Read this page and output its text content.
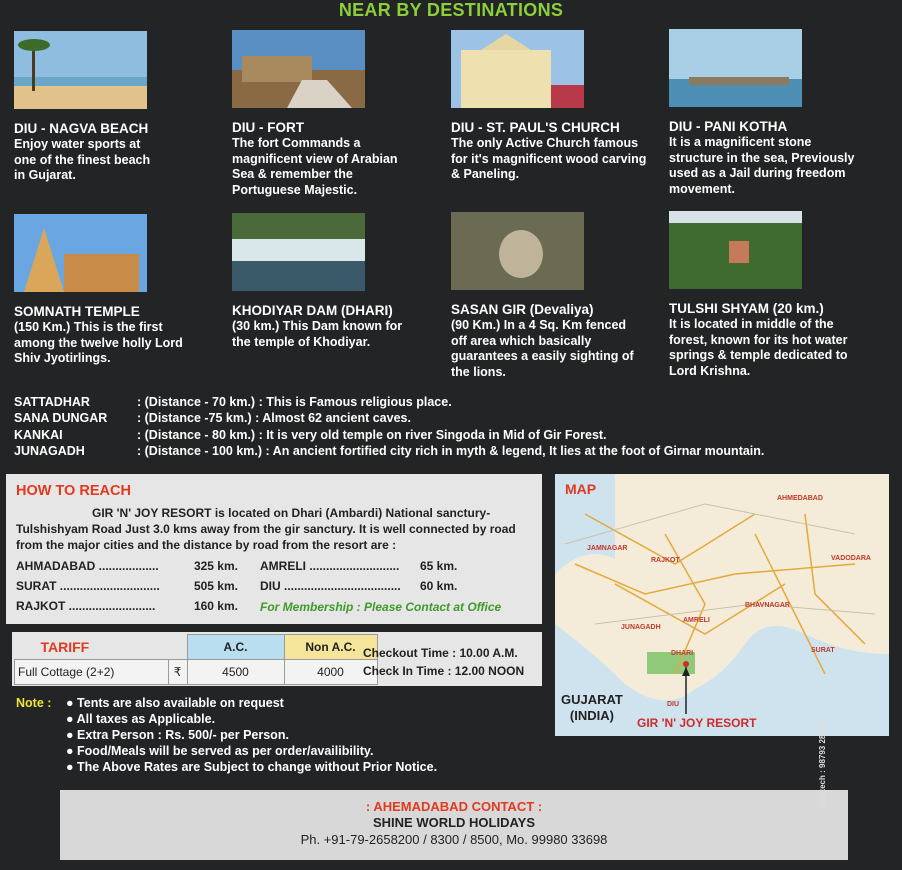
NEAR BY DESTINATIONS
DIU - NAGVA BEACH
Enjoy water sports at one of the finest beach in Gujarat.
DIU - FORT
The fort Commands a magnificent view of Arabian Sea & remember the Portuguese Majestic.
DIU - ST. PAUL'S CHURCH
The only Active Church famous for it's magnificent wood carving & Paneling.
DIU - PANI KOTHA
It is a magnificent stone structure in the sea, Previously used as a Jail during freedom movement.
SOMNATH TEMPLE
(150 Km.) This is the first among the twelve holly Lord Shiv Jyotirlings.
KHODIYAR DAM (DHARI)
(30 km.) This Dam known for the temple of Khodiyar.
SASAN GIR (Devaliya)
(90 Km.) In a 4 Sq. Km fenced off area which basically guarantees a easily sighting of the lions.
TULSHI SHYAM (20 km.)
It is located in middle of the forest, known for its hot water springs & temple dedicated to Lord Krishna.
SATTADHAR	: (Distance - 70 km.) : This is Famous religious place.
SANA DUNGAR : (Distance -75 km.) : Almost 62 ancient caves.
KANKAI	: (Distance - 80 km.) : It is very old temple on river Singoda in Mid of Gir Forest.
JUNAGADH	: (Distance - 100 km.) : An ancient fortified city rich in myth & legend, It lies at the foot of Girnar mountain.
HOW TO REACH
GIR 'N' JOY RESORT is located on Dhari (Ambardi) National sanctury-Tulshishyam Road Just 3.0 kms away from the gir sanctury. It is well connected by road from the major cities and the distance by road from the resort are :
AHMADABAD ..................	325 km. AMRELI ........................... 65 km.
SURAT ..............................	505 km. DIU ................................... 60 km.
RAJKOT ..........................	160 km. For Membership : Please Contact at Office
TARIFF		A.C.	Non A.C.
Full Cottage (2+2)	₹	4500	4000
Checkout Time : 10.00 A.M.
Check In Time : 12.00 NOON
Note : ● Tents are also available on request
● All taxes as Applicable.
● Extra Person : Rs. 500/- per Person.
● Food/Meals will be served as per order/availibility.
● The Above Rates are Subject to change without Prior Notice.
AHMEDABAD
JAMNAGAR
RAJKOT	VADODARA
AMRELI
BHAVNAGAR
JUNAGADH
SURAT
DHARI
DIU
MAP
GUJARAT
(INDIA)	GIR 'N' JOY RESORT
: AHEMADABAD CONTACT :
SHINE WORLD HOLIDAYS
Ph. +91-79-2658200 / 8300 / 8500, Mo. 99980 33698
Montech : 98793 28385
